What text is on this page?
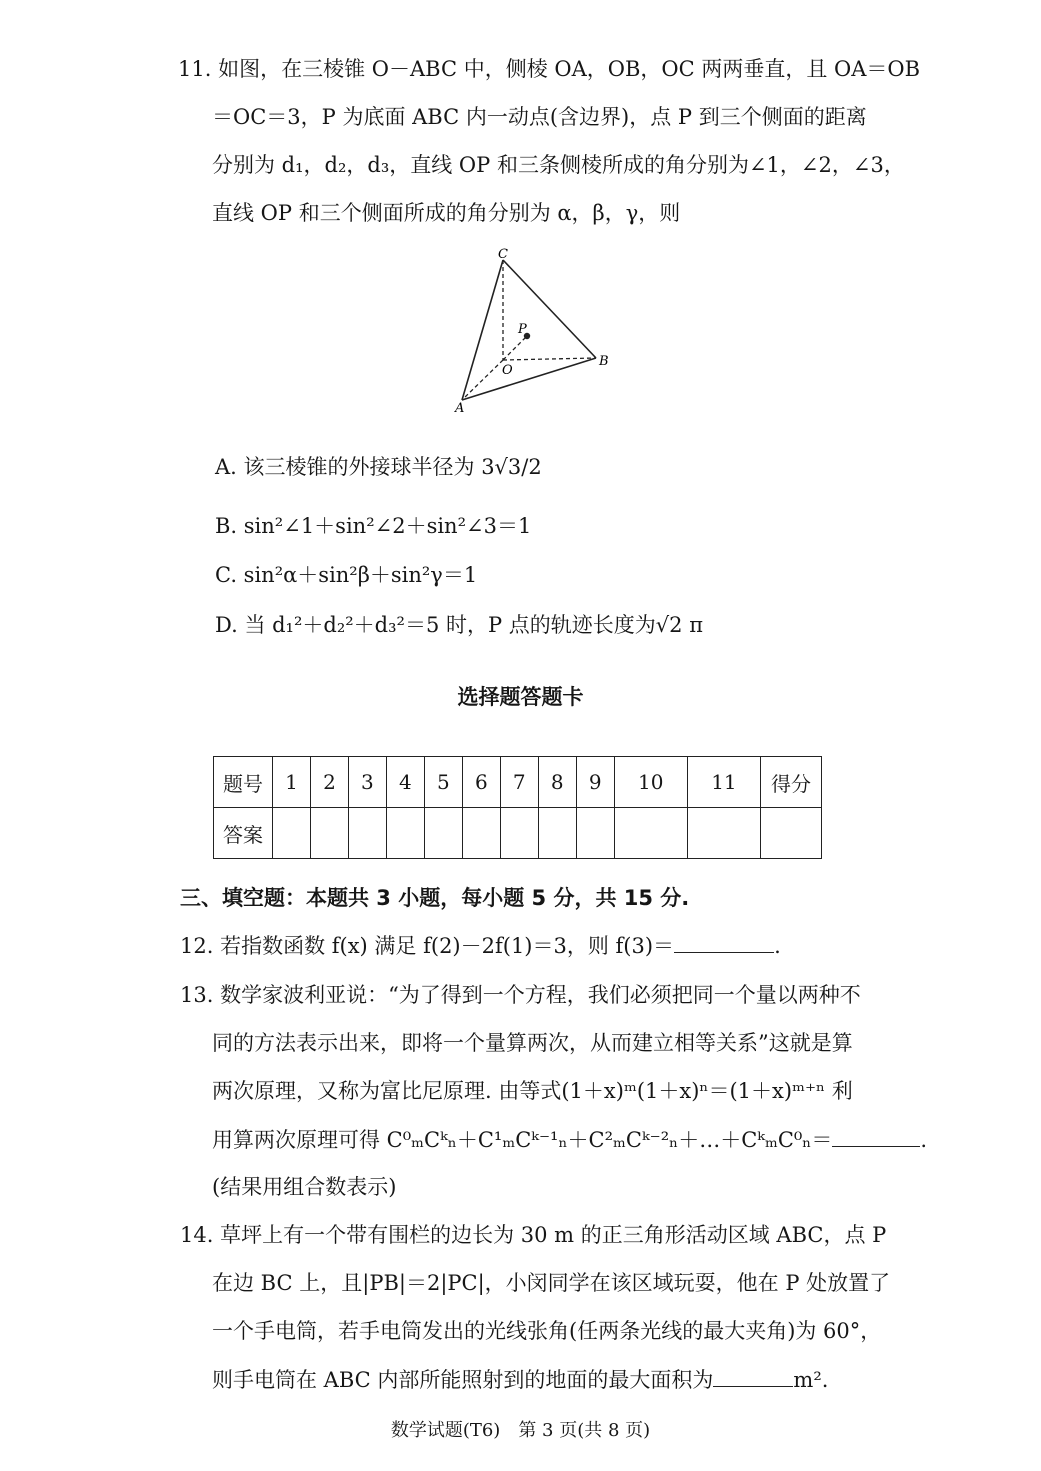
11. 如图，在三棱锥 O－ABC 中，侧棱 OA，OB，OC 两两垂直，且 OA＝OB
＝OC＝3，P 为底面 ABC 内一动点(含边界)，点 P 到三个侧面的距离
分别为 d₁，d₂，d₃，直线 OP 和三条侧棱所成的角分别为∠1，∠2，∠3，
直线 OP 和三个侧面所成的角分别为 α，β，γ，则
C
P
O
B
A
A. 该三棱锥的外接球半径为 3√3/2
B. sin²∠1＋sin²∠2＋sin²∠3＝1
C. sin²α＋sin²β＋sin²γ＝1
D. 当 d₁²＋d₂²＋d₃²＝5 时，P 点的轨迹长度为√2 π
选择题答题卡
题号	1	2	3	4	5	6	7	8	9	10	11	得分
答案												
三、填空题：本题共 3 小题，每小题 5 分，共 15 分.
12. 若指数函数 f(x) 满足 f(2)－2f(1)＝3，则 f(3)＝	.
13. 数学家波利亚说：“为了得到一个方程，我们必须把同一个量以两种不
同的方法表示出来，即将一个量算两次，从而建立相等关系”这就是算
两次原理，又称为富比尼原理. 由等式(1＋x)ᵐ(1＋x)ⁿ＝(1＋x)ᵐ⁺ⁿ 利
用算两次原理可得 C⁰ₘCᵏₙ＋C¹ₘCᵏ⁻¹ₙ＋C²ₘCᵏ⁻²ₙ＋…＋CᵏₘC⁰ₙ＝	.
(结果用组合数表示)
14. 草坪上有一个带有围栏的边长为 30 m 的正三角形活动区域 ABC，点 P
在边 BC 上，且|PB|＝2|PC|，小闵同学在该区域玩耍，他在 P 处放置了
一个手电筒，若手电筒发出的光线张角(任两条光线的最大夹角)为 60°，
则手电筒在 ABC 内部所能照射到的地面的最大面积为	m².
数学试题(T6)　第 3 页(共 8 页)
